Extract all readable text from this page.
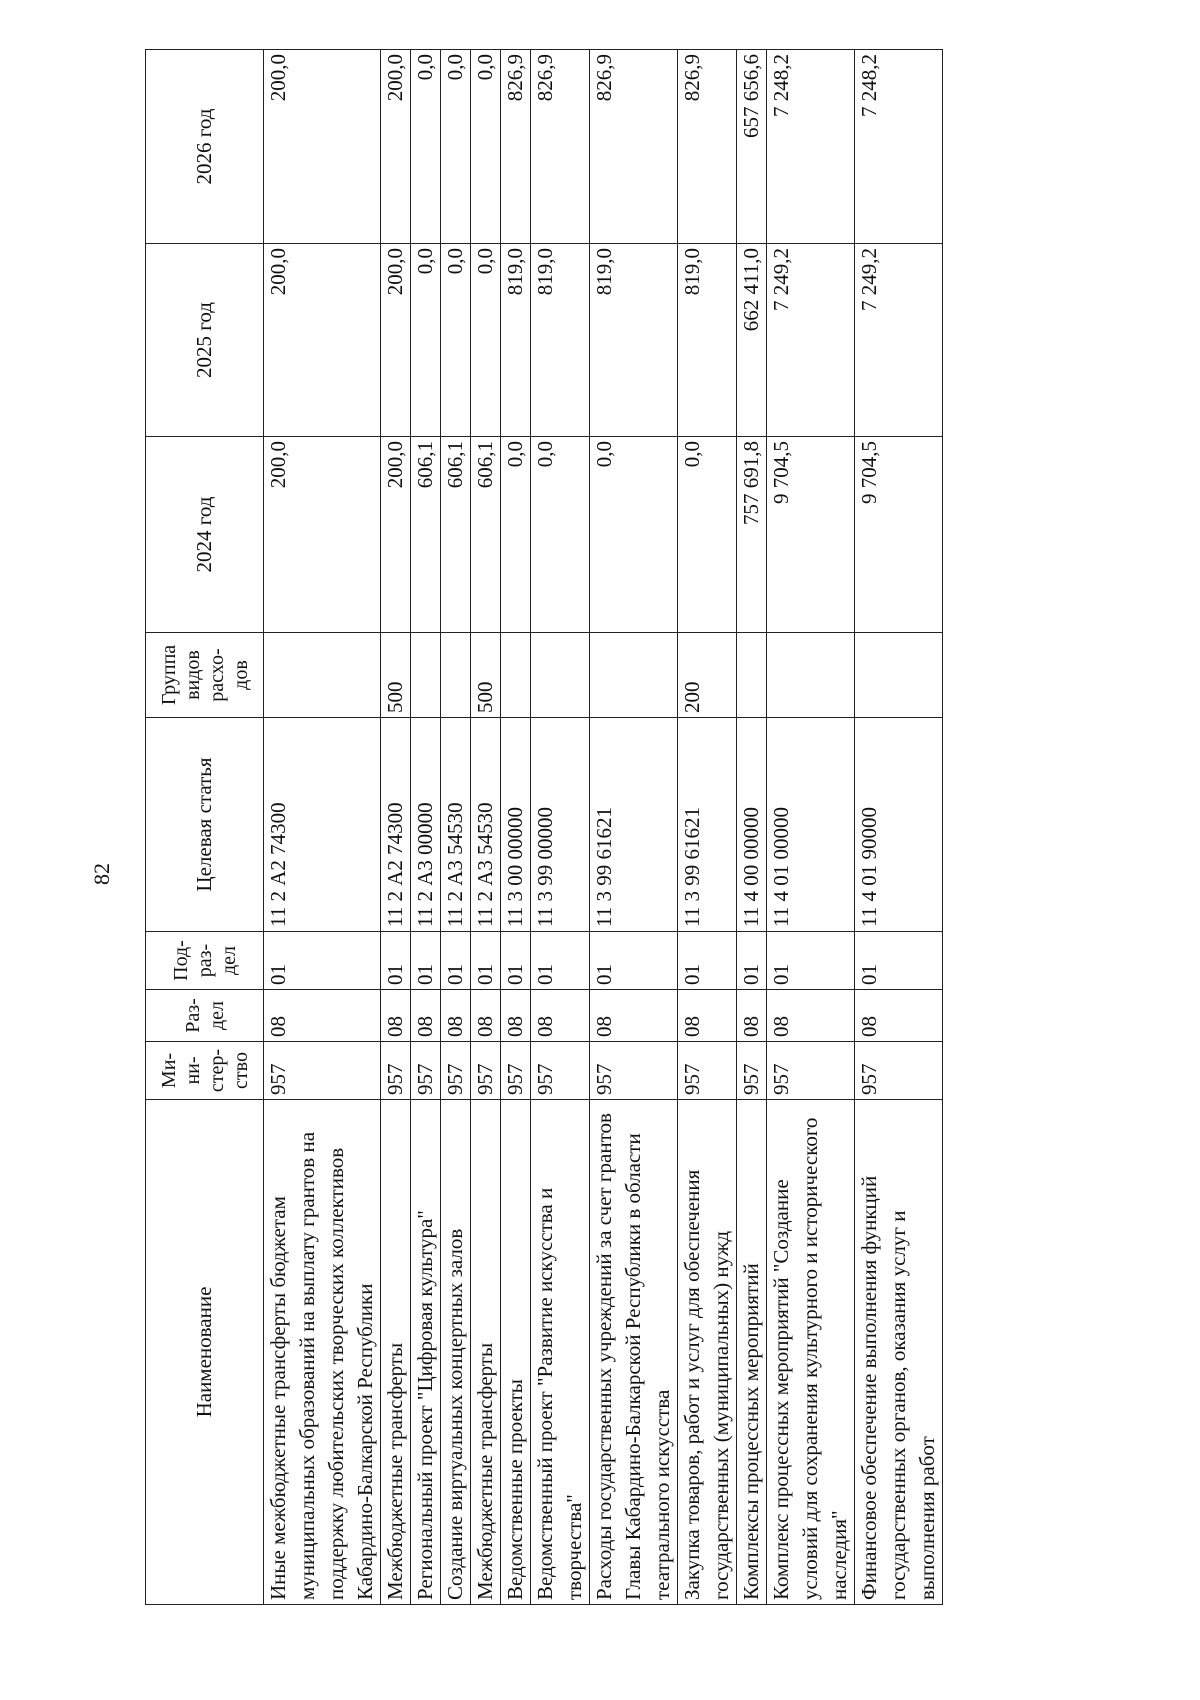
82
Наименование	Ми-ни-стер-ство	Раз-дел	Под-раз-дел	Целевая статья	Группа видов расхо-дов	2024 год	2025 год	2026 год
Иные межбюджетные трансферты бюджетам муниципальных образований на выплату грантов на поддержку любительских творческих коллективов Кабардино-Балкарской Республики	957	08	01	11 2 А2 74300		200,0	200,0	200,0
Межбюджетные трансферты	957	08	01	11 2 А2 74300	500	200,0	200,0	200,0
Региональный проект "Цифровая культура"	957	08	01	11 2 А3 00000		606,1	0,0	0,0
Создание виртуальных концертных залов	957	08	01	11 2 А3 54530		606,1	0,0	0,0
Межбюджетные трансферты	957	08	01	11 2 А3 54530	500	606,1	0,0	0,0
Ведомственные проекты	957	08	01	11 3 00 00000		0,0	819,0	826,9
Ведомственный проект "Развитие искусства и творчества"	957	08	01	11 3 99 00000		0,0	819,0	826,9
Расходы государственных учреждений за счет грантов Главы Кабардино-Балкарской Республики в области театрального искусства	957	08	01	11 3 99 61621		0,0	819,0	826,9
Закупка товаров, работ и услуг для обеспечения государственных (муниципальных) нужд	957	08	01	11 3 99 61621	200	0,0	819,0	826,9
Комплексы процессных мероприятий	957	08	01	11 4 00 00000		757 691,8	662 411,0	657 656,6
Комплекс процессных мероприятий "Создание условий для сохранения культурного и исторического наследия"	957	08	01	11 4 01 00000		9 704,5	7 249,2	7 248,2
Финансовое обеспечение выполнения функций государственных органов, оказания услуг и выполнения работ	957	08	01	11 4 01 90000		9 704,5	7 249,2	7 248,2
